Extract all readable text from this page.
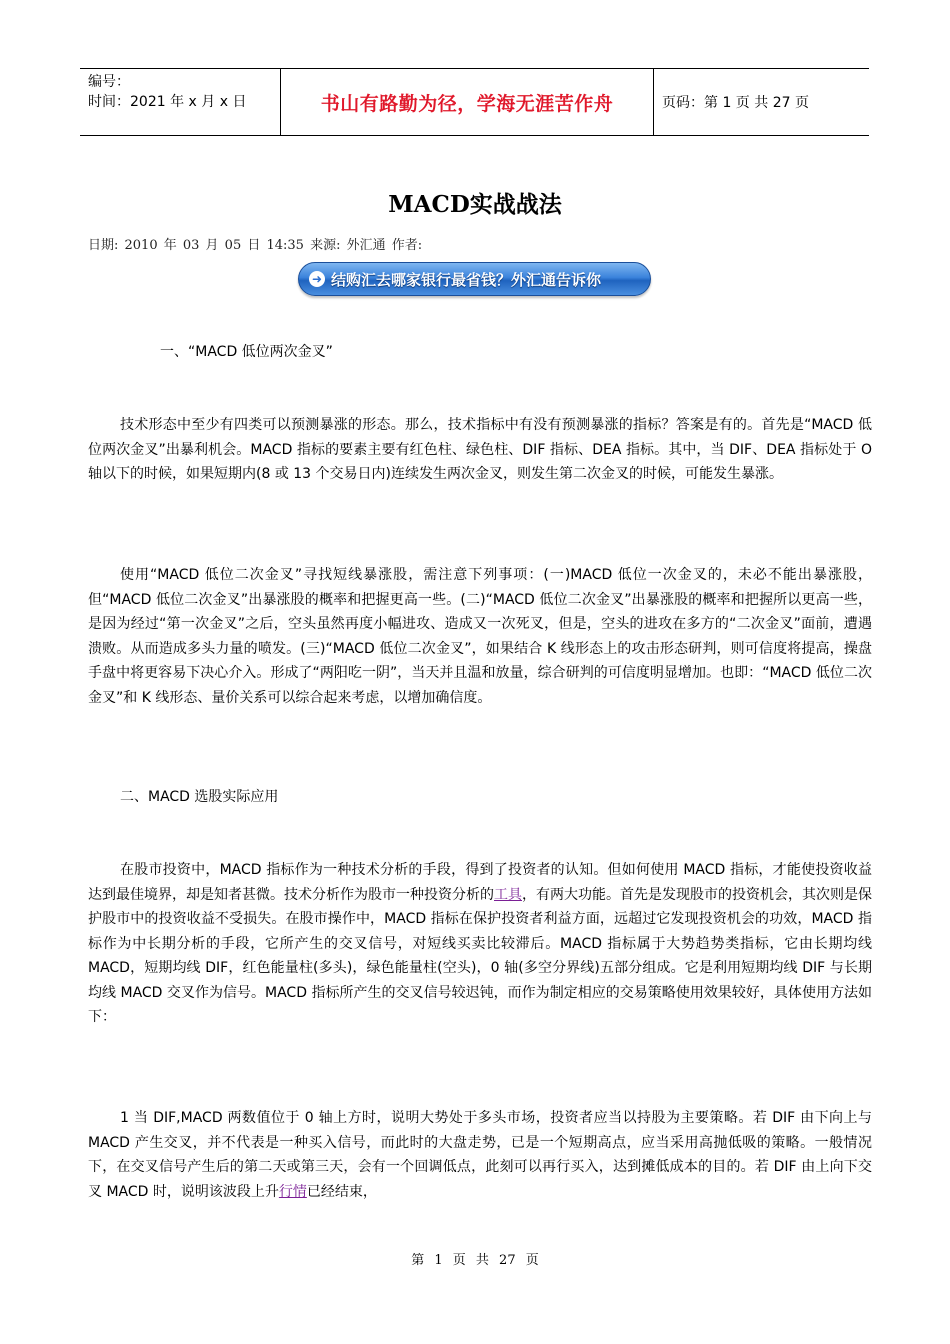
编号：
时间：2021 年 x 月 x 日	书山有路勤为径，学海无涯苦作舟	页码：第 1 页 共 27 页
MACD实战战法
日期: 2010 年 03 月 05 日 14:35 来源: 外汇通 作者:
➜ 结购汇去哪家银行最省钱？外汇通告诉你
一、“MACD 低位两次金叉”
技术形态中至少有四类可以预测暴涨的形态。那么，技术指标中有没有预测暴涨的指标？答案是有的。首先是“MACD 低位两次金叉”出暴利机会。MACD 指标的要素主要有红色柱、绿色柱、DIF 指标、DEA 指标。其中，当 DIF、DEA 指标处于 O 轴以下的时候，如果短期内(8 或 13 个交易日内)连续发生两次金叉，则发生第二次金叉的时候，可能发生暴涨。
使用“MACD 低位二次金叉”寻找短线暴涨股，需注意下列事项：(一)MACD 低位一次金叉的，未必不能出暴涨股，但“MACD 低位二次金叉”出暴涨股的概率和把握更高一些。(二)“MACD 低位二次金叉”出暴涨股的概率和把握所以更高一些，是因为经过“第一次金叉”之后，空头虽然再度小幅进攻、造成又一次死叉，但是，空头的进攻在多方的“二次金叉”面前，遭遇溃败。从而造成多头力量的喷发。(三)“MACD 低位二次金叉”，如果结合 K 线形态上的攻击形态研判，则可信度将提高，操盘手盘中将更容易下决心介入。形成了“两阳吃一阴”，当天并且温和放量，综合研判的可信度明显增加。也即：“MACD 低位二次金叉”和 K 线形态、量价关系可以综合起来考虑，以增加确信度。
二、MACD 选股实际应用
在股市投资中，MACD 指标作为一种技术分析的手段，得到了投资者的认知。但如何使用 MACD 指标，才能使投资收益达到最佳境界，却是知者甚微。技术分析作为股市一种投资分析的工具，有两大功能。首先是发现股市的投资机会，其次则是保护股市中的投资收益不受损失。在股市操作中，MACD 指标在保护投资者利益方面，远超过它发现投资机会的功效，MACD 指标作为中长期分析的手段，它所产生的交叉信号，对短线买卖比较滞后。MACD 指标属于大势趋势类指标，它由长期均线 MACD，短期均线 DIF，红色能量柱(多头)，绿色能量柱(空头)，0 轴(多空分界线)五部分组成。它是利用短期均线 DIF 与长期均线 MACD 交叉作为信号。MACD 指标所产生的交叉信号较迟钝，而作为制定相应的交易策略使用效果较好，具体使用方法如下：
1 当 DIF,MACD 两数值位于 0 轴上方时，说明大势处于多头市场，投资者应当以持股为主要策略。若 DIF 由下向上与 MACD 产生交叉，并不代表是一种买入信号，而此时的大盘走势，已是一个短期高点，应当采用高抛低吸的策略。一般情况下，在交叉信号产生后的第二天或第三天，会有一个回调低点，此刻可以再行买入，达到摊低成本的目的。若 DIF 由上向下交叉 MACD 时，说明该波段上升行情已经结束，
第 1 页 共 27 页
